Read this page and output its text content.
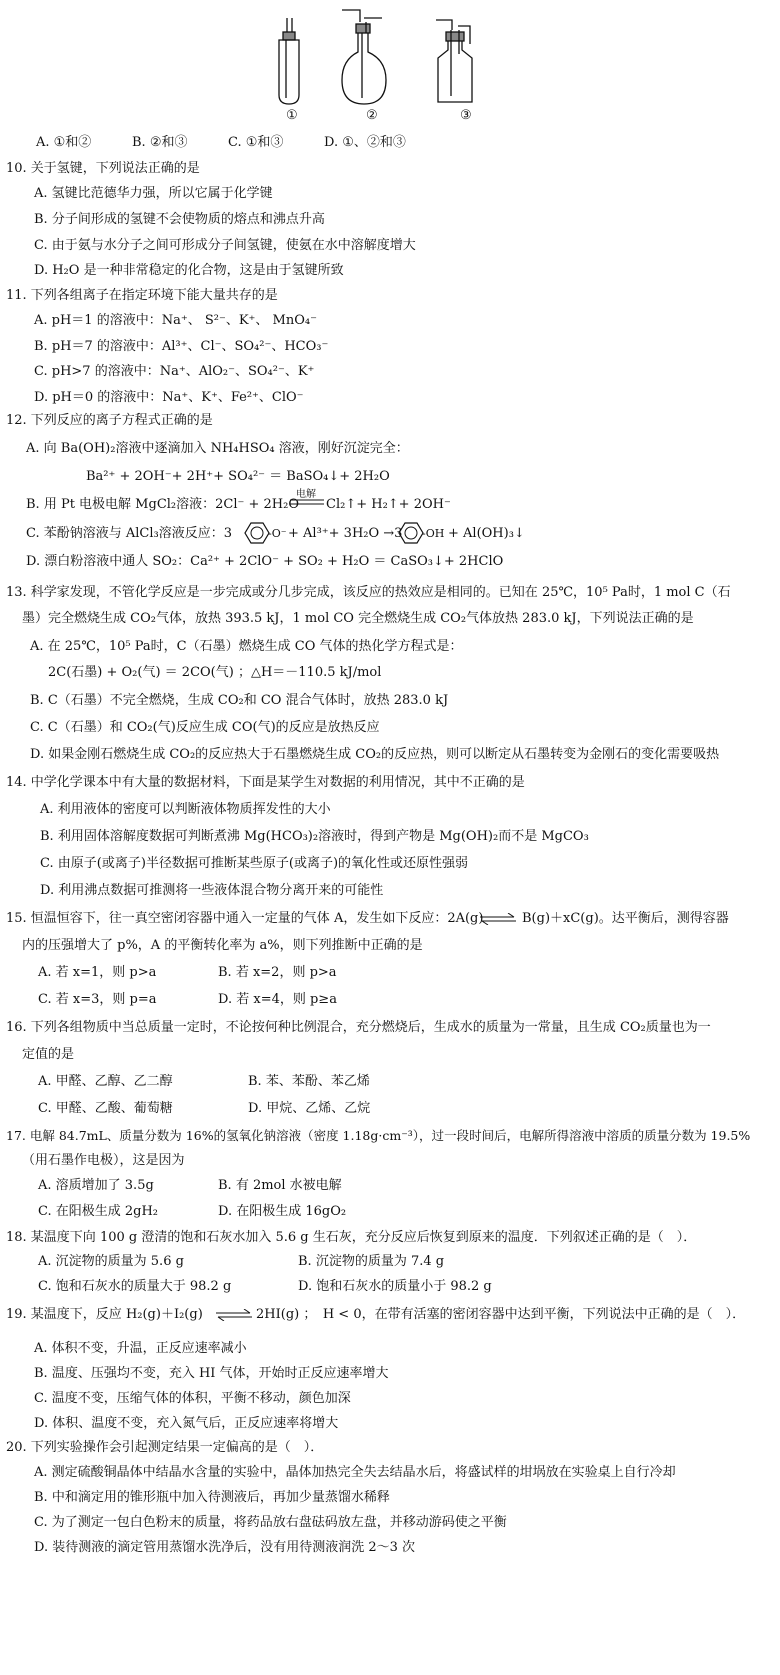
①	②	③
A. ①和②	B. ②和③	C. ①和③	D. ①、②和③
10. 关于氢键，下列说法正确的是
A. 氢键比范德华力强，所以它属于化学键
B. 分子间形成的氢键不会使物质的熔点和沸点升高
C. 由于氨与水分子之间可形成分子间氢键，使氨在水中溶解度增大
D. H₂O 是一种非常稳定的化合物，这是由于氢键所致
11. 下列各组离子在指定环境下能大量共存的是
A. pH＝1 的溶液中：Na⁺、 S²⁻、K⁺、 MnO₄⁻
B. pH＝7 的溶液中：Al³⁺、Cl⁻、SO₄²⁻、HCO₃⁻
C. pH>7 的溶液中：Na⁺、AlO₂⁻、SO₄²⁻、K⁺
D. pH＝0 的溶液中：Na⁺、K⁺、Fe²⁺、ClO⁻
12. 下列反应的离子方程式正确的是
A. 向 Ba(OH)₂溶液中逐滴加入 NH₄HSO₄ 溶液，刚好沉淀完全：
Ba²⁺ + 2OH⁻+ 2H⁺+ SO₄²⁻ ＝ BaSO₄↓+ 2H₂O
B. 用 Pt 电极电解 MgCl₂溶液：2Cl⁻ + 2H₂O
电解
Cl₂↑+ H₂↑+ 2OH⁻
C. 苯酚钠溶液与 AlCl₃溶液反应：3	-O⁻ + Al³⁺+ 3H₂O →3 -OH + Al(OH)₃↓
D. 漂白粉溶液中通人 SO₂：Ca²⁺ + 2ClO⁻ + SO₂ + H₂O ＝ CaSO₃↓+ 2HClO
13. 科学家发现，不管化学反应是一步完成或分几步完成，该反应的热效应是相同的。已知在 25℃，10⁵ Pa时，1 mol C（石
墨）完全燃烧生成 CO₂气体，放热 393.5 kJ，1 mol CO 完全燃烧生成 CO₂气体放热 283.0 kJ，下列说法正确的是
A. 在 25℃，10⁵ Pa时，C（石墨）燃烧生成 CO 气体的热化学方程式是：
2C(石墨) + O₂(气) ＝ 2CO(气) ；△H＝－110.5 kJ/mol
B. C（石墨）不完全燃烧，生成 CO₂和 CO 混合气体时，放热 283.0 kJ
C. C（石墨）和 CO₂(气)反应生成 CO(气)的反应是放热反应
D. 如果金刚石燃烧生成 CO₂的反应热大于石墨燃烧生成 CO₂的反应热，则可以断定从石墨转变为金刚石的变化需要吸热
14. 中学化学课本中有大量的数据材料，下面是某学生对数据的利用情况，其中不正确的是
A. 利用液体的密度可以判断液体物质挥发性的大小
B. 利用固体溶解度数据可判断煮沸 Mg(HCO₃)₂溶液时，得到产物是 Mg(OH)₂而不是 MgCO₃
C. 由原子(或离子)半径数据可推断某些原子(或离子)的氧化性或还原性强弱
D. 利用沸点数据可推测将一些液体混合物分离开来的可能性
15. 恒温恒容下，往一真空密闭容器中通入一定量的气体 A，发生如下反应：2A(g) ⇌ B(g)＋xC(g)。达平衡后，测得容器
内的压强增大了 p%，A 的平衡转化率为 a%，则下列推断中正确的是
A. 若 x=1，则 p>a	B. 若 x=2，则 p>a
C. 若 x=3，则 p=a	D. 若 x=4，则 p≥a
16. 下列各组物质中当总质量一定时，不论按何种比例混合，充分燃烧后，生成水的质量为一常量，且生成 CO₂质量也为一
定值的是
A. 甲醛、乙醇、乙二醇	B. 苯、苯酚、苯乙烯
C. 甲醛、乙酸、葡萄糖	D. 甲烷、乙烯、乙烷
17. 电解 84.7mL、质量分数为 16%的氢氧化钠溶液（密度 1.18g·cm⁻³），过一段时间后，电解所得溶液中溶质的质量分数为 19.5%
（用石墨作电极），这是因为
A. 溶质增加了 3.5g	B. 有 2mol 水被电解
C. 在阳极生成 2gH₂	D. 在阳极生成 16gO₂
18. 某温度下向 100 g 澄清的饱和石灰水加入 5.6 g 生石灰，充分反应后恢复到原来的温度．下列叙述正确的是（　）．
A. 沉淀物的质量为 5.6 g	B. 沉淀物的质量为 7.4 g
C. 饱和石灰水的质量大于 98.2 g	D. 饱和石灰水的质量小于 98.2 g
19. 某温度下，反应 H₂(g)＋I₂(g) ⇌ 2HI(g) ；　H < 0，在带有活塞的密闭容器中达到平衡，下列说法中正确的是（　）．
A. 体积不变，升温，正反应速率减小
B. 温度、压强均不变，充入 HI 气体，开始时正反应速率增大
C. 温度不变，压缩气体的体积，平衡不移动，颜色加深
D. 体积、温度不变，充入氮气后，正反应速率将增大
20. 下列实验操作会引起测定结果一定偏高的是（　）．
A. 测定硫酸铜晶体中结晶水含量的实验中，晶体加热完全失去结晶水后，将盛试样的坩埚放在实验桌上自行冷却
B. 中和滴定用的锥形瓶中加入待测液后，再加少量蒸馏水稀释
C. 为了测定一包白色粉末的质量，将药品放右盘砝码放左盘，并移动游码使之平衡
D. 装待测液的滴定管用蒸馏水洗净后，没有用待测液润洗 2～3 次
